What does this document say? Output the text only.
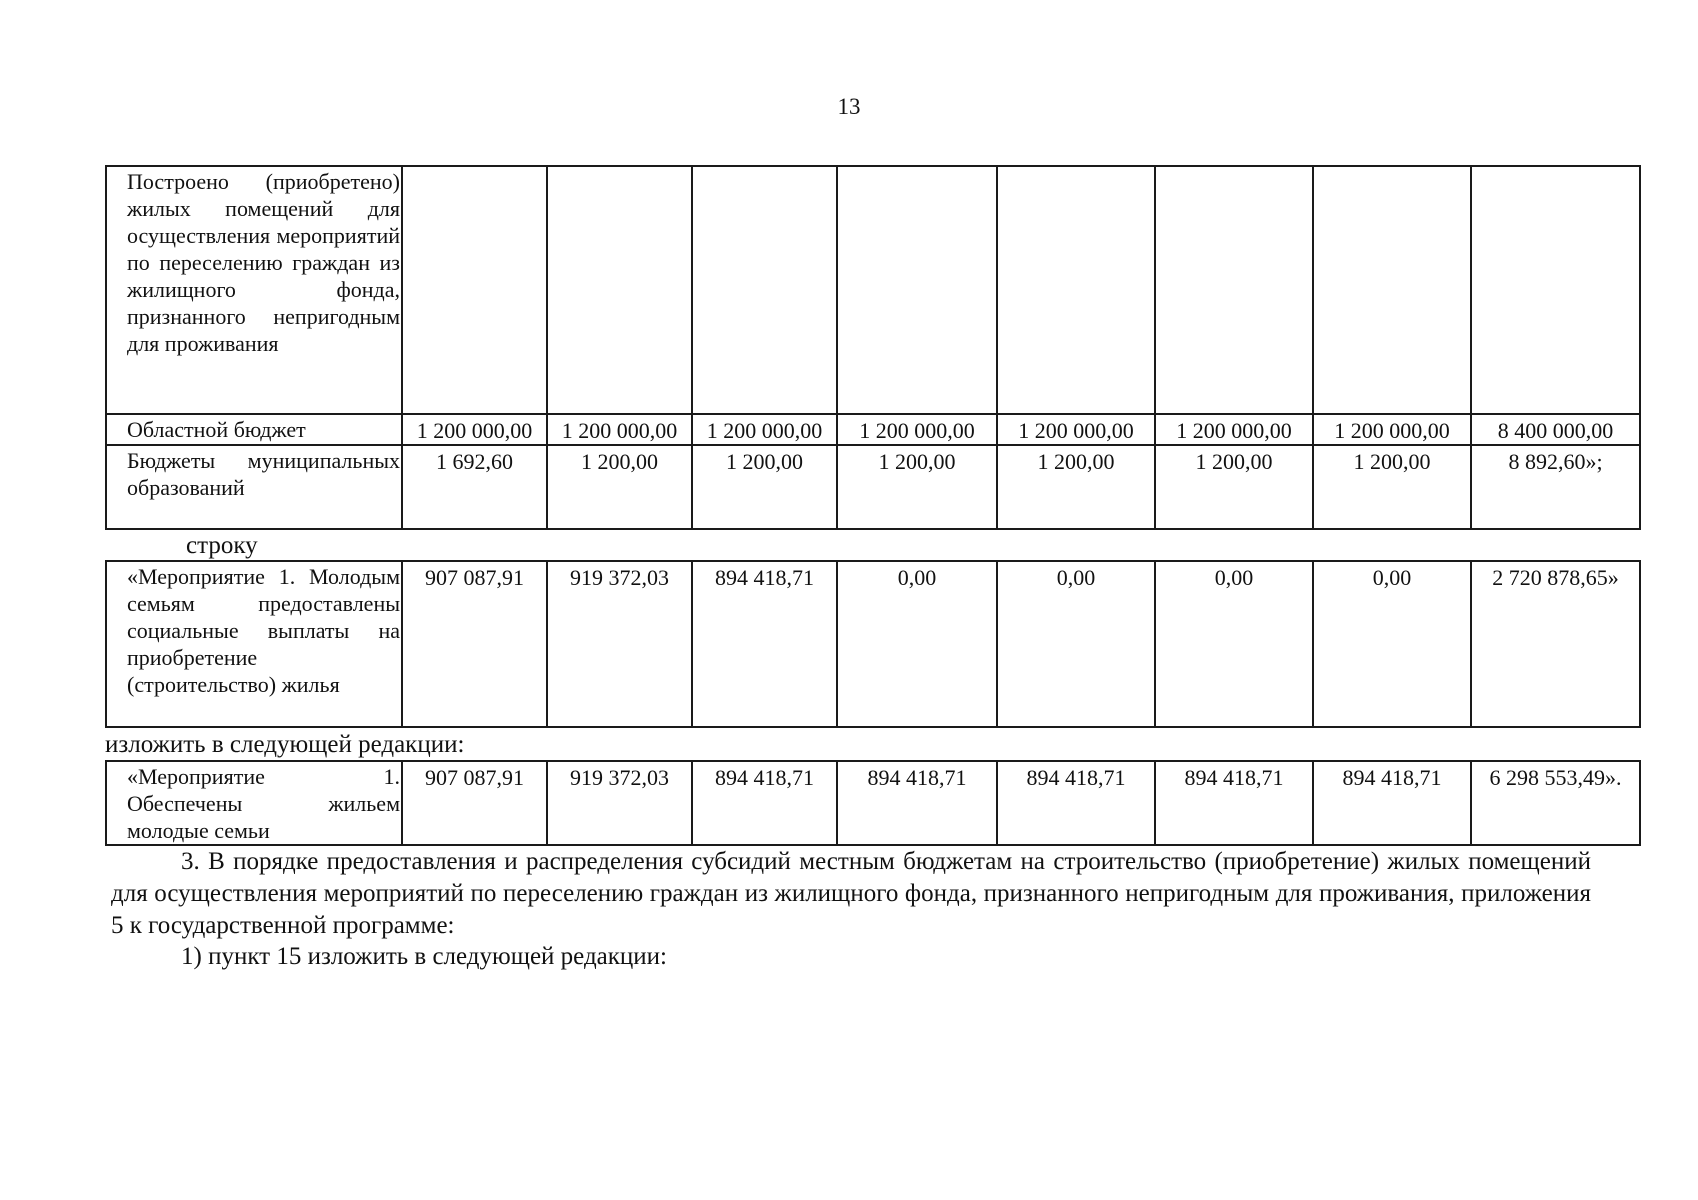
13
Построено (приобретено) жилых помещений для осуществления мероприятий по переселению граждан из жилищного фонда, признанного непригодным для проживания								
Областной бюджет	1 200 000,00	1 200 000,00	1 200 000,00	1 200 000,00	1 200 000,00	1 200 000,00	1 200 000,00	8 400 000,00
Бюджеты муниципальных образований	1 692,60	1 200,00	1 200,00	1 200,00	1 200,00	1 200,00	1 200,00	8 892,60»;
строку
«Мероприятие 1. Молодым семьям предоставлены социальные выплаты на приобретение (строительство) жилья	907 087,91	919 372,03	894 418,71	0,00	0,00	0,00	0,00	2 720 878,65»
изложить в следующей редакции:
«Мероприятие 1. Обеспечены жильем молодые семьи	907 087,91	919 372,03	894 418,71	894 418,71	894 418,71	894 418,71	894 418,71	6 298 553,49».
3. В порядке предоставления и распределения субсидий местным бюджетам на строительство (приобретение) жилых помещений для осуществления мероприятий по переселению граждан из жилищного фонда, признанного непригодным для проживания, приложения 5 к государственной программе:
1) пункт 15 изложить в следующей редакции:
